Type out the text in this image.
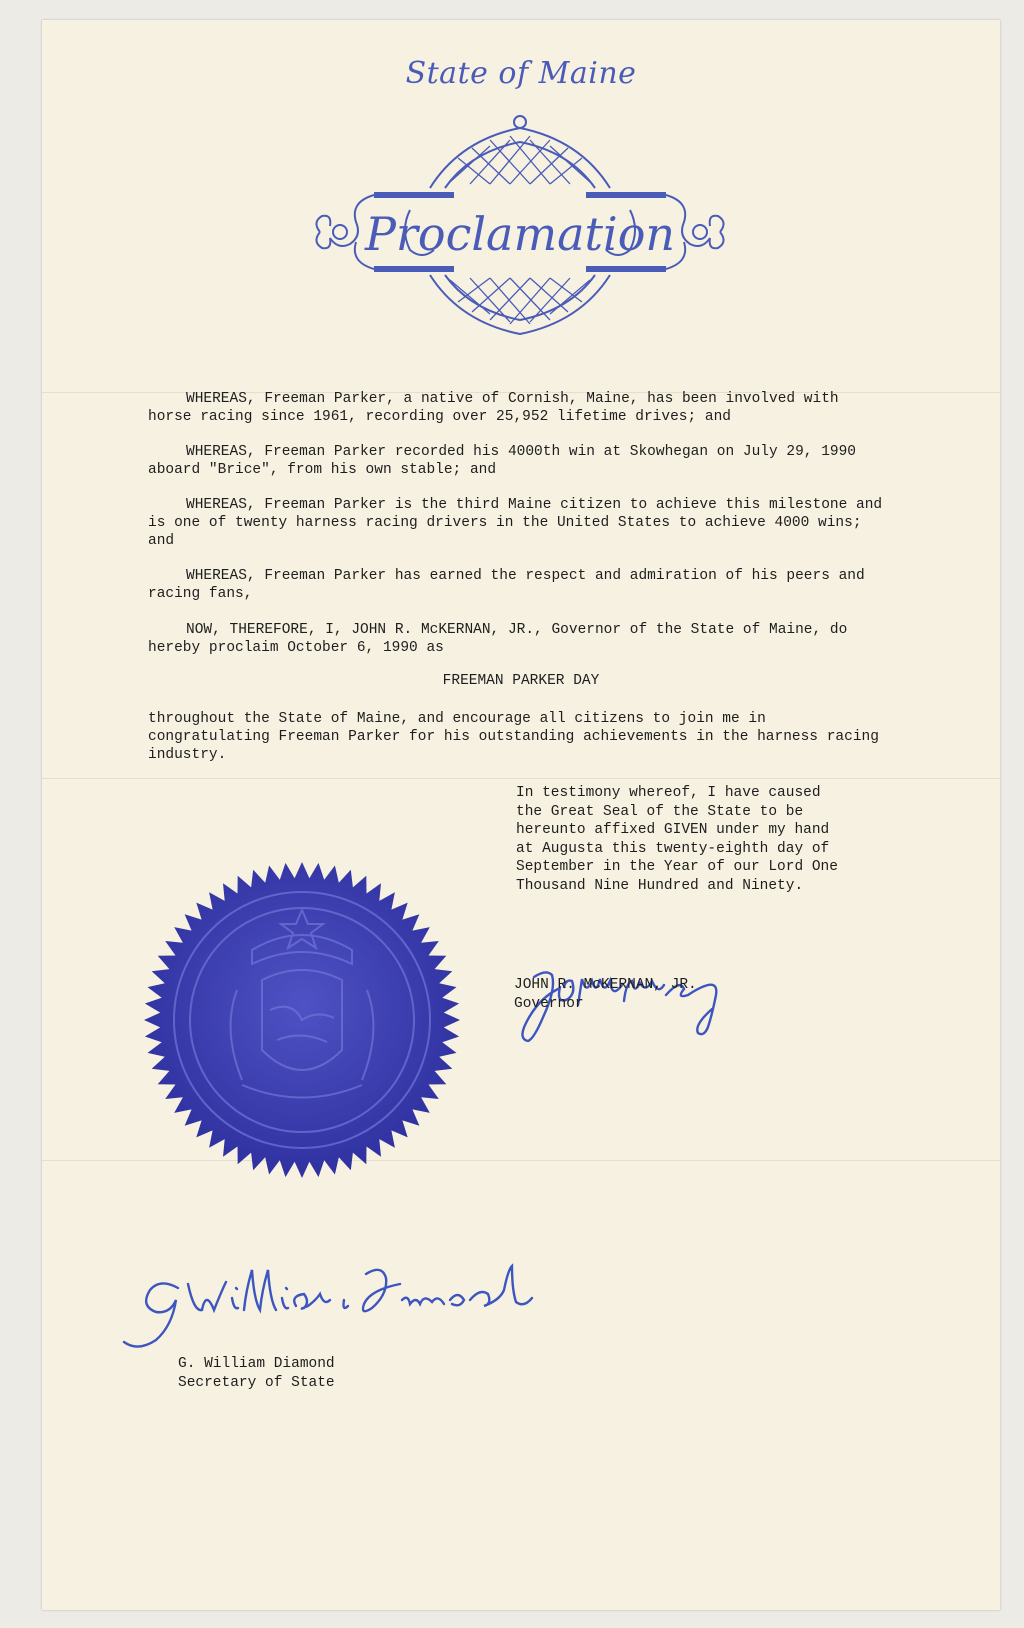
State of Maine
Proclamation

WHEREAS, Freeman Parker, a native of Cornish, Maine, has been involved with horse racing since 1961, recording over 25,952 lifetime drives; and

WHEREAS, Freeman Parker recorded his 4000th win at Skowhegan on July 29, 1990 aboard "Brice", from his own stable; and

WHEREAS, Freeman Parker is the third Maine citizen to achieve this milestone and is one of twenty harness racing drivers in the United States to achieve 4000 wins; and

WHEREAS, Freeman Parker has earned the respect and admiration of his peers and racing fans,

NOW, THEREFORE, I, JOHN R. McKERNAN, JR., Governor of the State of Maine, do hereby proclaim October 6, 1990 as

FREEMAN PARKER DAY

throughout the State of Maine, and encourage all citizens to join me in congratulating Freeman Parker for his outstanding achievements in the harness racing industry.

In testimony whereof, I have caused the Great Seal of the State to be hereunto affixed GIVEN under my hand at Augusta this twenty-eighth day of September in the Year of our Lord One Thousand Nine Hundred and Ninety.

John McKernan
JOHN R. McKERNAN, JR.
Governor
G. William Diamond
G. William Diamond
Secretary of State
